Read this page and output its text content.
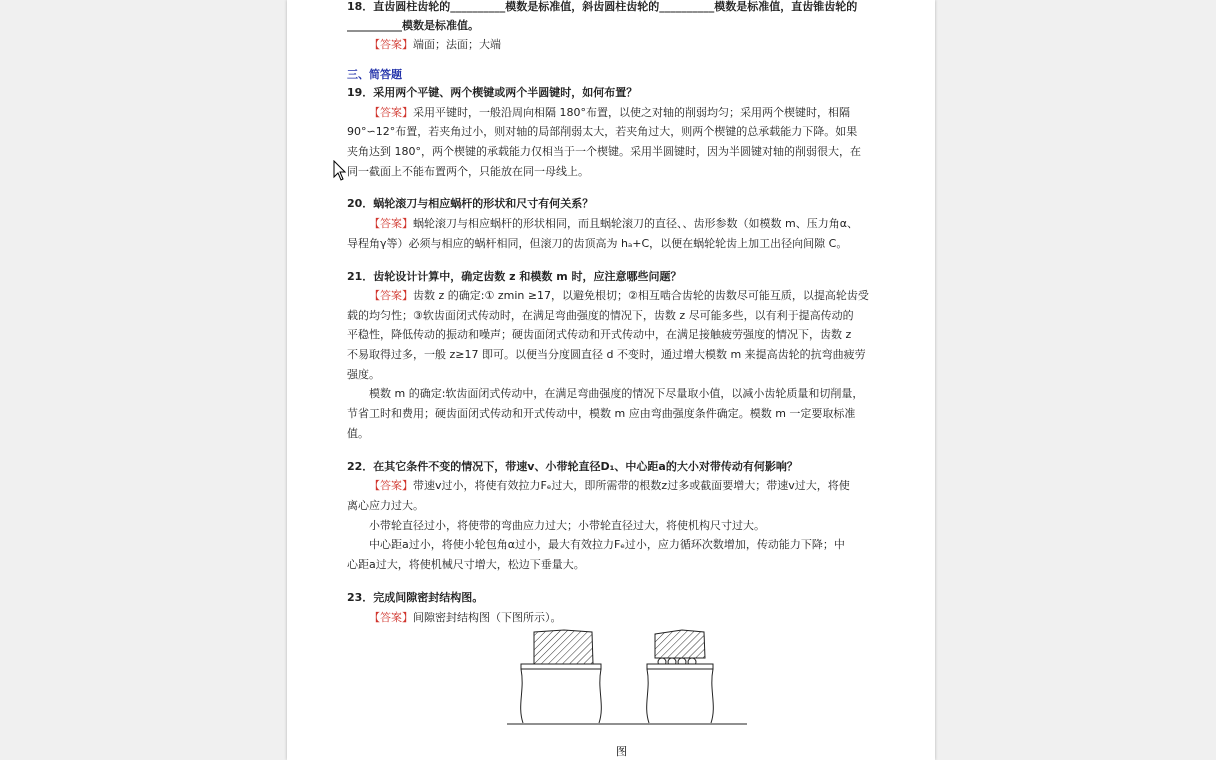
18．直齿圆柱齿轮的__________模数是标准值，斜齿圆柱齿轮的__________模数是标准值，直齿锥齿轮的
__________模数是标准值。
【答案】端面；法面；大端
三、简答题
19．采用两个平键、两个楔键或两个半圆键时，如何布置？
【答案】采用平键时，一般沿周向相隔 180°布置，以使之对轴的削弱均匀；采用两个楔键时，相隔
90°∽12°布置，若夹角过小，则对轴的局部削弱太大，若夹角过大，则两个楔键的总承载能力下降。如果
夹角达到 180°，两个楔键的承载能力仅相当于一个楔键。采用半圆键时，因为半圆键对轴的削弱很大，在
同一截面上不能布置两个，只能放在同一母线上。
20．蜗轮滚刀与相应蜗杆的形状和尺寸有何关系？
【答案】蜗轮滚刀与相应蜗杆的形状相同，而且蜗轮滚刀的直径、、齿形参数（如模数 m、压力角α、
导程角γ等）必须与相应的蜗杆相同，但滚刀的齿顶高为 hₐ+C，以便在蜗轮轮齿上加工出径向间隙 C。
21．齿轮设计计算中，确定齿数 z 和模数 m 时，应注意哪些问题？
【答案】齿数 z 的确定:① zmin ≥17，以避免根切；②相互啮合齿轮的齿数尽可能互质，以提高轮齿受
载的均匀性；③软齿面闭式传动时，在满足弯曲强度的情况下，齿数 z 尽可能多些，以有利于提高传动的
平稳性，降低传动的振动和噪声；硬齿面闭式传动和开式传动中，在满足接触疲劳强度的情况下，齿数 z
不易取得过多，一般 z≥17 即可。以便当分度圆直径 d 不变时，通过增大模数 m 来提高齿轮的抗弯曲疲劳
强度。
模数 m 的确定:软齿面闭式传动中，在满足弯曲强度的情况下尽量取小值，以减小齿轮质量和切削量，
节省工时和费用；硬齿面闭式传动和开式传动中，模数 m 应由弯曲强度条件确定。模数 m 一定要取标准
值。
22．在其它条件不变的情况下，带速v、小带轮直径D₁、中心距a的大小对带传动有何影响？
【答案】带速v过小，将使有效拉力Fₑ过大，即所需带的根数z过多或截面要增大；带速v过大，将使
离心应力过大。
小带轮直径过小，将使带的弯曲应力过大；小带轮直径过大，将使机构尺寸过大。
中心距a过小，将使小轮包角α过小，最大有效拉力Fₑ过小，应力循环次数增加，传动能力下降；中
心距a过大，将使机械尺寸增大，松边下垂量大。
23．完成间隙密封结构图。
【答案】间隙密封结构图（下图所示）。
图
